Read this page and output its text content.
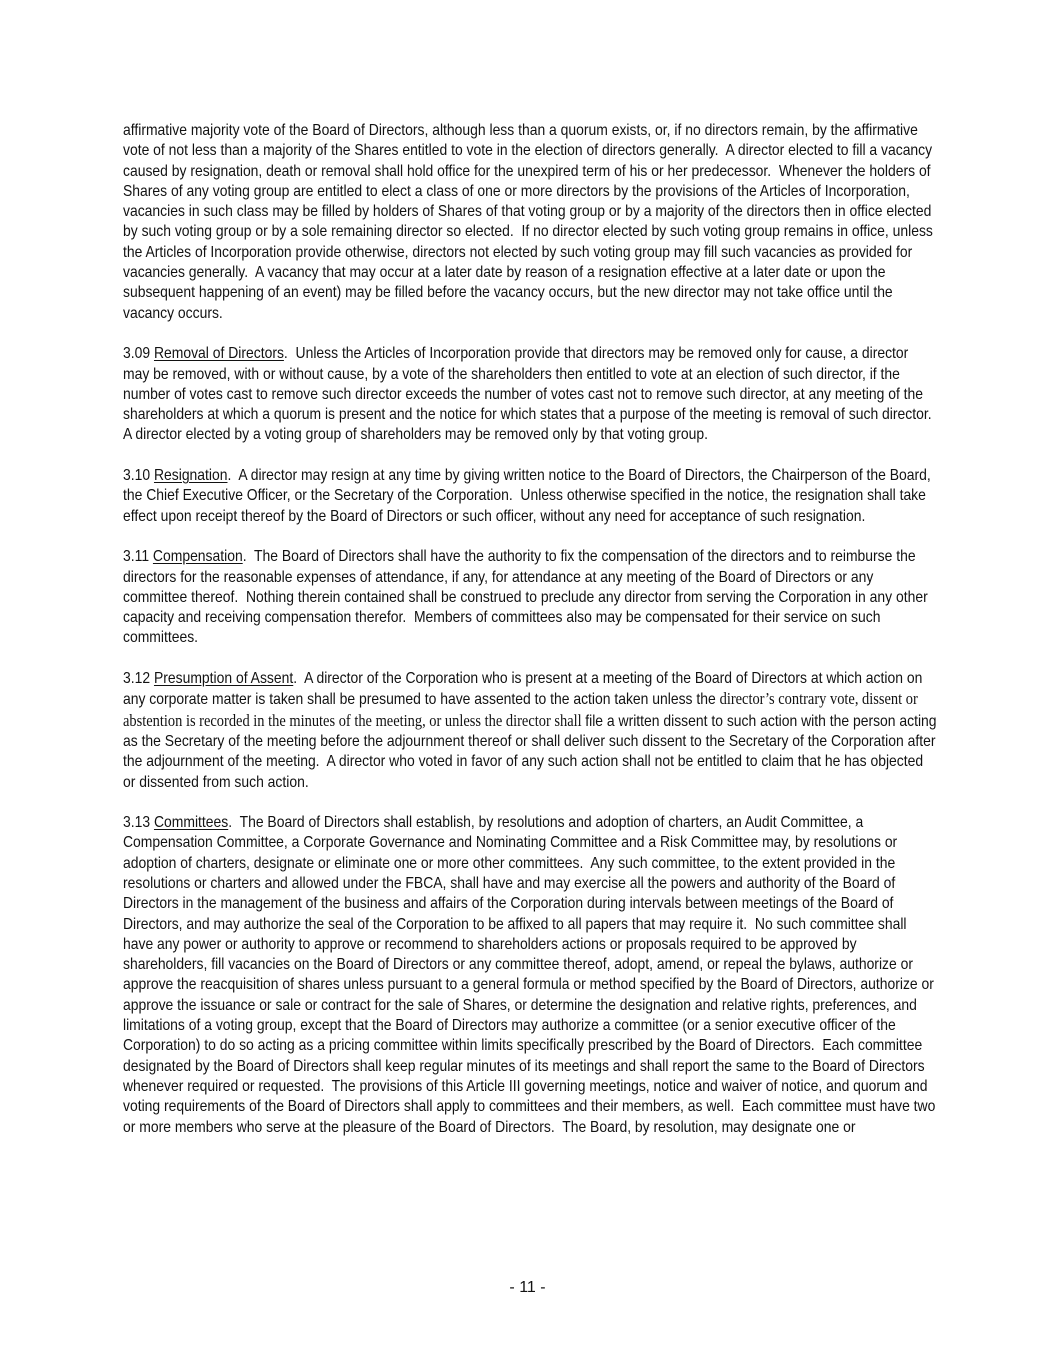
affirmative majority vote of the Board of Directors, although less than a quorum exists, or, if no directors remain, by the affirmative vote of not less than a majority of the Shares entitled to vote in the election of directors generally.  A director elected to fill a vacancy caused by resignation, death or removal shall hold office for the unexpired term of his or her predecessor.  Whenever the holders of Shares of any voting group are entitled to elect a class of one or more directors by the provisions of the Articles of Incorporation, vacancies in such class may be filled by holders of Shares of that voting group or by a majority of the directors then in office elected by such voting group or by a sole remaining director so elected.  If no director elected by such voting group remains in office, unless the Articles of Incorporation provide otherwise, directors not elected by such voting group may fill such vacancies as provided for vacancies generally.  A vacancy that may occur at a later date by reason of a resignation effective at a later date or upon the subsequent happening of an event) may be filled before the vacancy occurs, but the new director may not take office until the vacancy occurs.

3.09 Removal of Directors.  Unless the Articles of Incorporation provide that directors may be removed only for cause, a director may be removed, with or without cause, by a vote of the shareholders then entitled to vote at an election of such director, if the number of votes cast to remove such director exceeds the number of votes cast not to remove such director, at any meeting of the shareholders at which a quorum is present and the notice for which states that a purpose of the meeting is removal of such director.  A director elected by a voting group of shareholders may be removed only by that voting group.

3.10 Resignation.  A director may resign at any time by giving written notice to the Board of Directors, the Chairperson of the Board, the Chief Executive Officer, or the Secretary of the Corporation.  Unless otherwise specified in the notice, the resignation shall take effect upon receipt thereof by the Board of Directors or such officer, without any need for acceptance of such resignation.

3.11 Compensation.  The Board of Directors shall have the authority to fix the compensation of the directors and to reimburse the directors for the reasonable expenses of attendance, if any, for attendance at any meeting of the Board of Directors or any committee thereof.  Nothing therein contained shall be construed to preclude any director from serving the Corporation in any other capacity and receiving compensation therefor.  Members of committees also may be compensated for their service on such committees.

3.12 Presumption of Assent.  A director of the Corporation who is present at a meeting of the Board of Directors at which action on any corporate matter is taken shall be presumed to have assented to the action taken unless the director’s contrary vote, dissent or abstention is recorded in the minutes of the meeting, or unless the director shall file a written dissent to such action with the person acting as the Secretary of the meeting before the adjournment thereof or shall deliver such dissent to the Secretary of the Corporation after the adjournment of the meeting.  A director who voted in favor of any such action shall not be entitled to claim that he has objected or dissented from such action.

3.13 Committees.  The Board of Directors shall establish, by resolutions and adoption of charters, an Audit Committee, a Compensation Committee, a Corporate Governance and Nominating Committee and a Risk Committee may, by resolutions or adoption of charters, designate or eliminate one or more other committees.  Any such committee, to the extent provided in the resolutions or charters and allowed under the FBCA, shall have and may exercise all the powers and authority of the Board of Directors in the management of the business and affairs of the Corporation during intervals between meetings of the Board of Directors, and may authorize the seal of the Corporation to be affixed to all papers that may require it.  No such committee shall have any power or authority to approve or recommend to shareholders actions or proposals required to be approved by shareholders, fill vacancies on the Board of Directors or any committee thereof, adopt, amend, or repeal the bylaws, authorize or approve the reacquisition of shares unless pursuant to a general formula or method specified by the Board of Directors, authorize or approve the issuance or sale or contract for the sale of Shares, or determine the designation and relative rights, preferences, and limitations of a voting group, except that the Board of Directors may authorize a committee (or a senior executive officer of the Corporation) to do so acting as a pricing committee within limits specifically prescribed by the Board of Directors.  Each committee designated by the Board of Directors shall keep regular minutes of its meetings and shall report the same to the Board of Directors whenever required or requested.  The provisions of this Article III governing meetings, notice and waiver of notice, and quorum and voting requirements of the Board of Directors shall apply to committees and their members, as well.  Each committee must have two or more members who serve at the pleasure of the Board of Directors.  The Board, by resolution, may designate one or

- 11 -
